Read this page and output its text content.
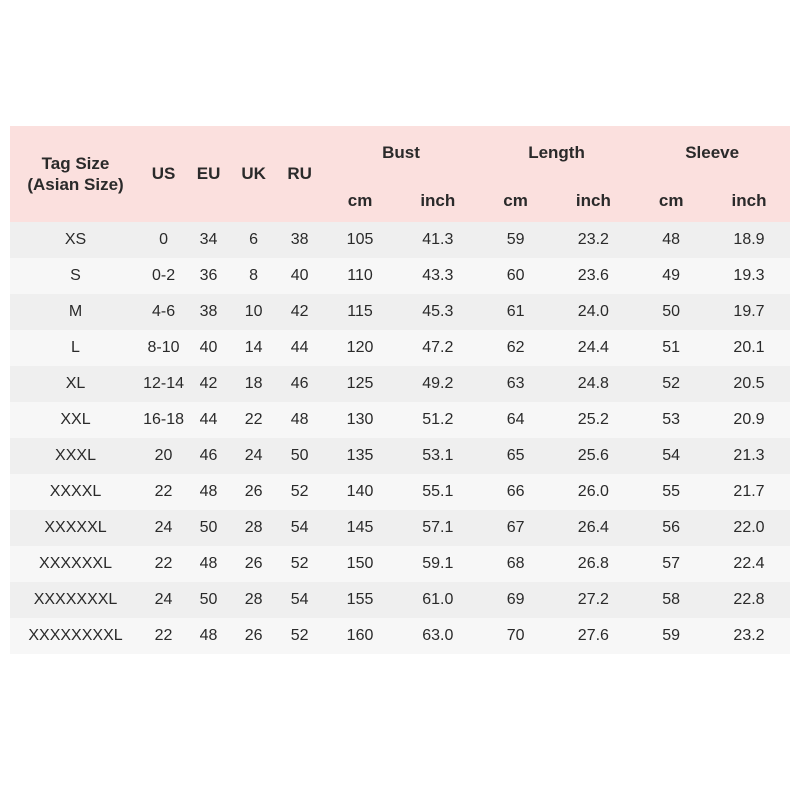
Tag Size
(Asian Size)	US	EU	UK	RU	Bust		Length		Sleeve	
					cm	inch	cm	inch	cm	inch
XS	0	34	6	38	105	41.3	59	23.2	48	18.9
S	0-2	36	8	40	110	43.3	60	23.6	49	19.3
M	4-6	38	10	42	115	45.3	61	24.0	50	19.7
L	8-10	40	14	44	120	47.2	62	24.4	51	20.1
XL	12-14	42	18	46	125	49.2	63	24.8	52	20.5
XXL	16-18	44	22	48	130	51.2	64	25.2	53	20.9
XXXL	20	46	24	50	135	53.1	65	25.6	54	21.3
XXXXL	22	48	26	52	140	55.1	66	26.0	55	21.7
XXXXXL	24	50	28	54	145	57.1	67	26.4	56	22.0
XXXXXXL	22	48	26	52	150	59.1	68	26.8	57	22.4
XXXXXXXL	24	50	28	54	155	61.0	69	27.2	58	22.8
XXXXXXXXL	22	48	26	52	160	63.0	70	27.6	59	23.2
